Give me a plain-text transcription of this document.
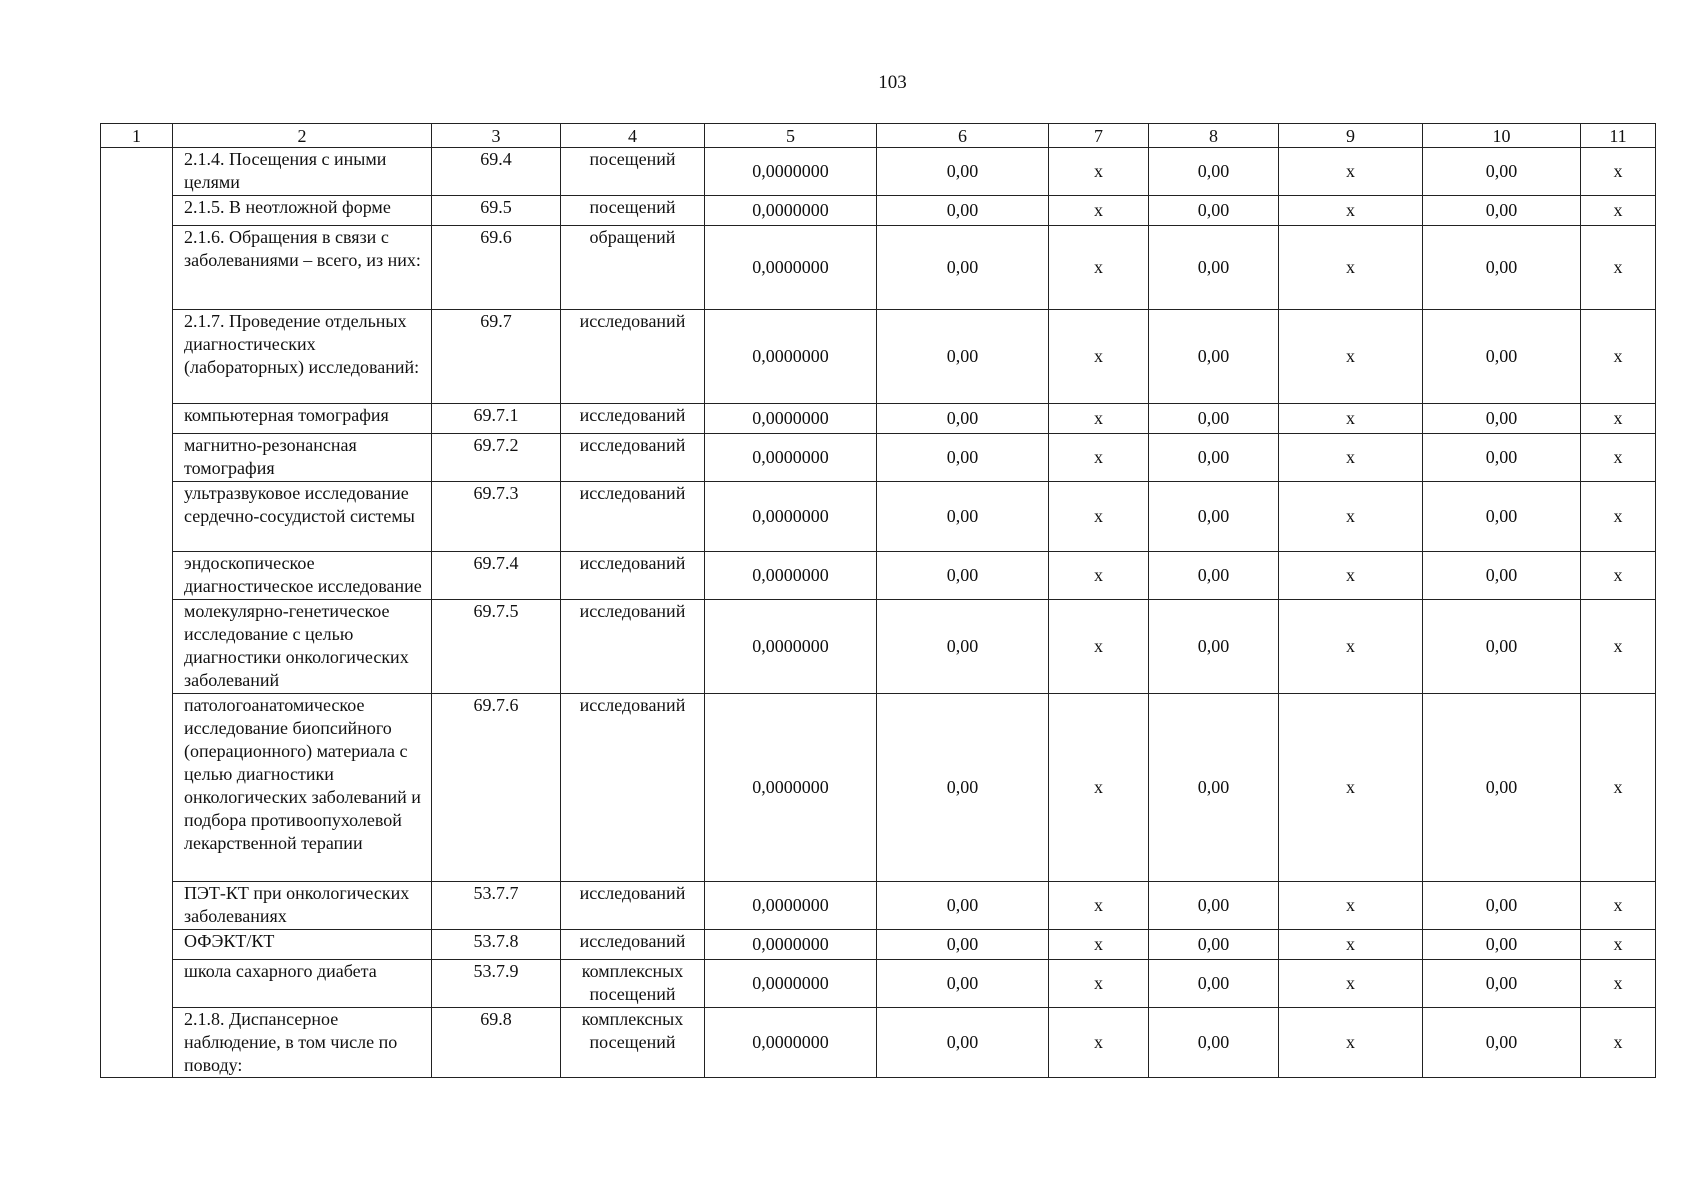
103
1	2	3	4	5	6	7	8	9	10	11
	2.1.4. Посещения с иными целями	69.4	посещений	0,0000000	0,00	х	0,00	х	0,00	х
	2.1.5. В неотложной форме	69.5	посещений	0,0000000	0,00	х	0,00	х	0,00	х
	2.1.6. Обращения в связи с заболеваниями – всего, из них:	69.6	обращений	0,0000000	0,00	х	0,00	х	0,00	х
	2.1.7. Проведение отдельных диагностических (лабораторных) исследований:	69.7	исследований	0,0000000	0,00	х	0,00	х	0,00	х
	компьютерная томография	69.7.1	исследований	0,0000000	0,00	х	0,00	х	0,00	х
	магнитно-резонансная томография	69.7.2	исследований	0,0000000	0,00	х	0,00	х	0,00	х
	ультразвуковое исследование сердечно-сосудистой системы	69.7.3	исследований	0,0000000	0,00	х	0,00	х	0,00	х
	эндоскопическое диагностическое исследование	69.7.4	исследований	0,0000000	0,00	х	0,00	х	0,00	х
	молекулярно-генетическое исследование с целью диагностики онкологических заболеваний	69.7.5	исследований	0,0000000	0,00	х	0,00	х	0,00	х
	патологоанатомическое исследование биопсийного (операционного) материала с целью диагностики онкологических заболеваний и подбора противоопухолевой лекарственной терапии	69.7.6	исследований	0,0000000	0,00	х	0,00	х	0,00	х
	ПЭТ-КТ при онкологических заболеваниях	53.7.7	исследований	0,0000000	0,00	х	0,00	х	0,00	х
	ОФЭКТ/КТ	53.7.8	исследований	0,0000000	0,00	х	0,00	х	0,00	х
	школа сахарного диабета	53.7.9	комплексных посещений	0,0000000	0,00	х	0,00	х	0,00	х
	2.1.8. Диспансерное наблюдение, в том числе по поводу:	69.8	комплексных посещений	0,0000000	0,00	х	0,00	х	0,00	х
